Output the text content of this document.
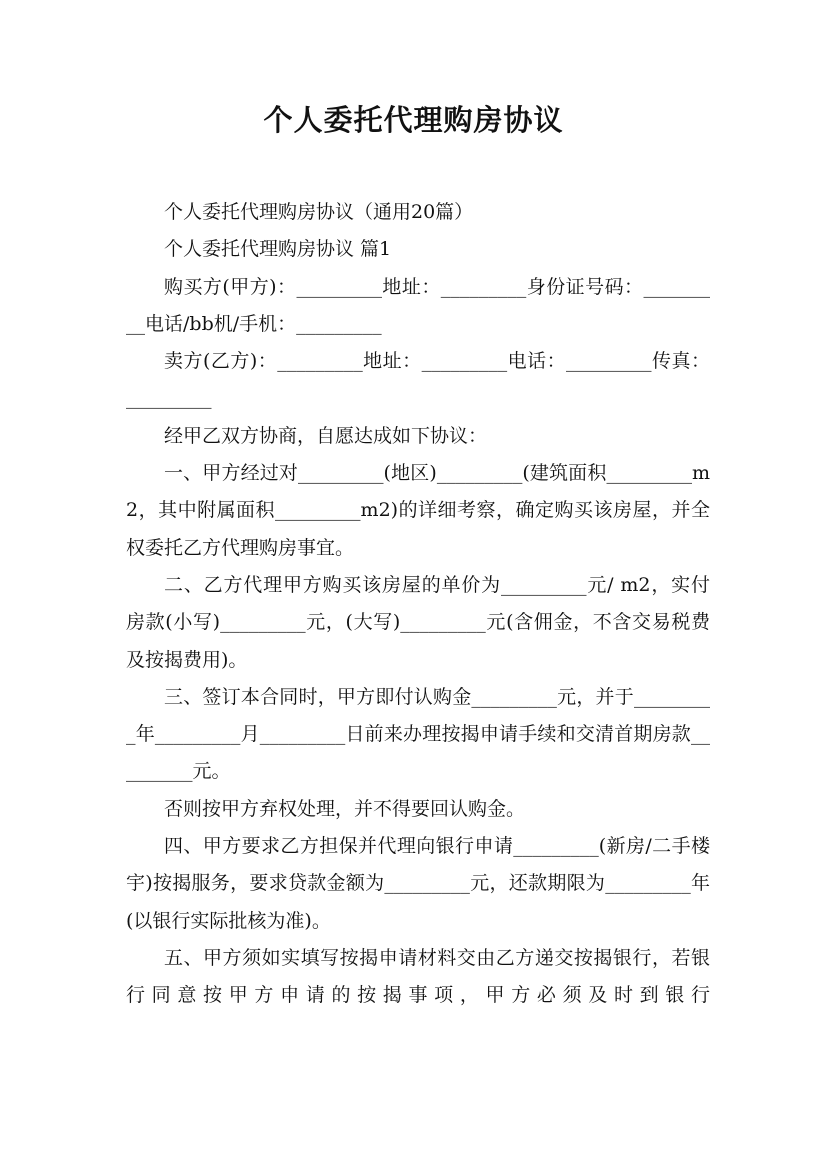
个人委托代理购房协议

个人委托代理购房协议（通用20篇）

个人委托代理购房协议 篇1

购买方(甲方)：_________地址：_________身份证号码：_________电话/bb机/手机：_________

卖方(乙方)：_________地址：_________电话：_________传真：_________

经甲乙双方协商，自愿达成如下协议：

一、甲方经过对_________(地区)_________(建筑面积_________m2，其中附属面积_________m2)的详细考察，确定购买该房屋，并全权委托乙方代理购房事宜。

二、乙方代理甲方购买该房屋的单价为_________元/ m2，实付房款(小写)_________元，(大写)_________元(含佣金，不含交易税费及按揭费用)。

三、签订本合同时，甲方即付认购金_________元，并于_________年_________月_________日前来办理按揭申请手续和交清首期房款_________元。

否则按甲方弃权处理，并不得要回认购金。

四、甲方要求乙方担保并代理向银行申请_________(新房/二手楼宇)按揭服务，要求贷款金额为_________元，还款期限为_________年(以银行实际批核为准)。

五、甲方须如实填写按揭申请材料交由乙方递交按揭银行，若银行同意按甲方申请的按揭事项，甲方必须及时到银行
